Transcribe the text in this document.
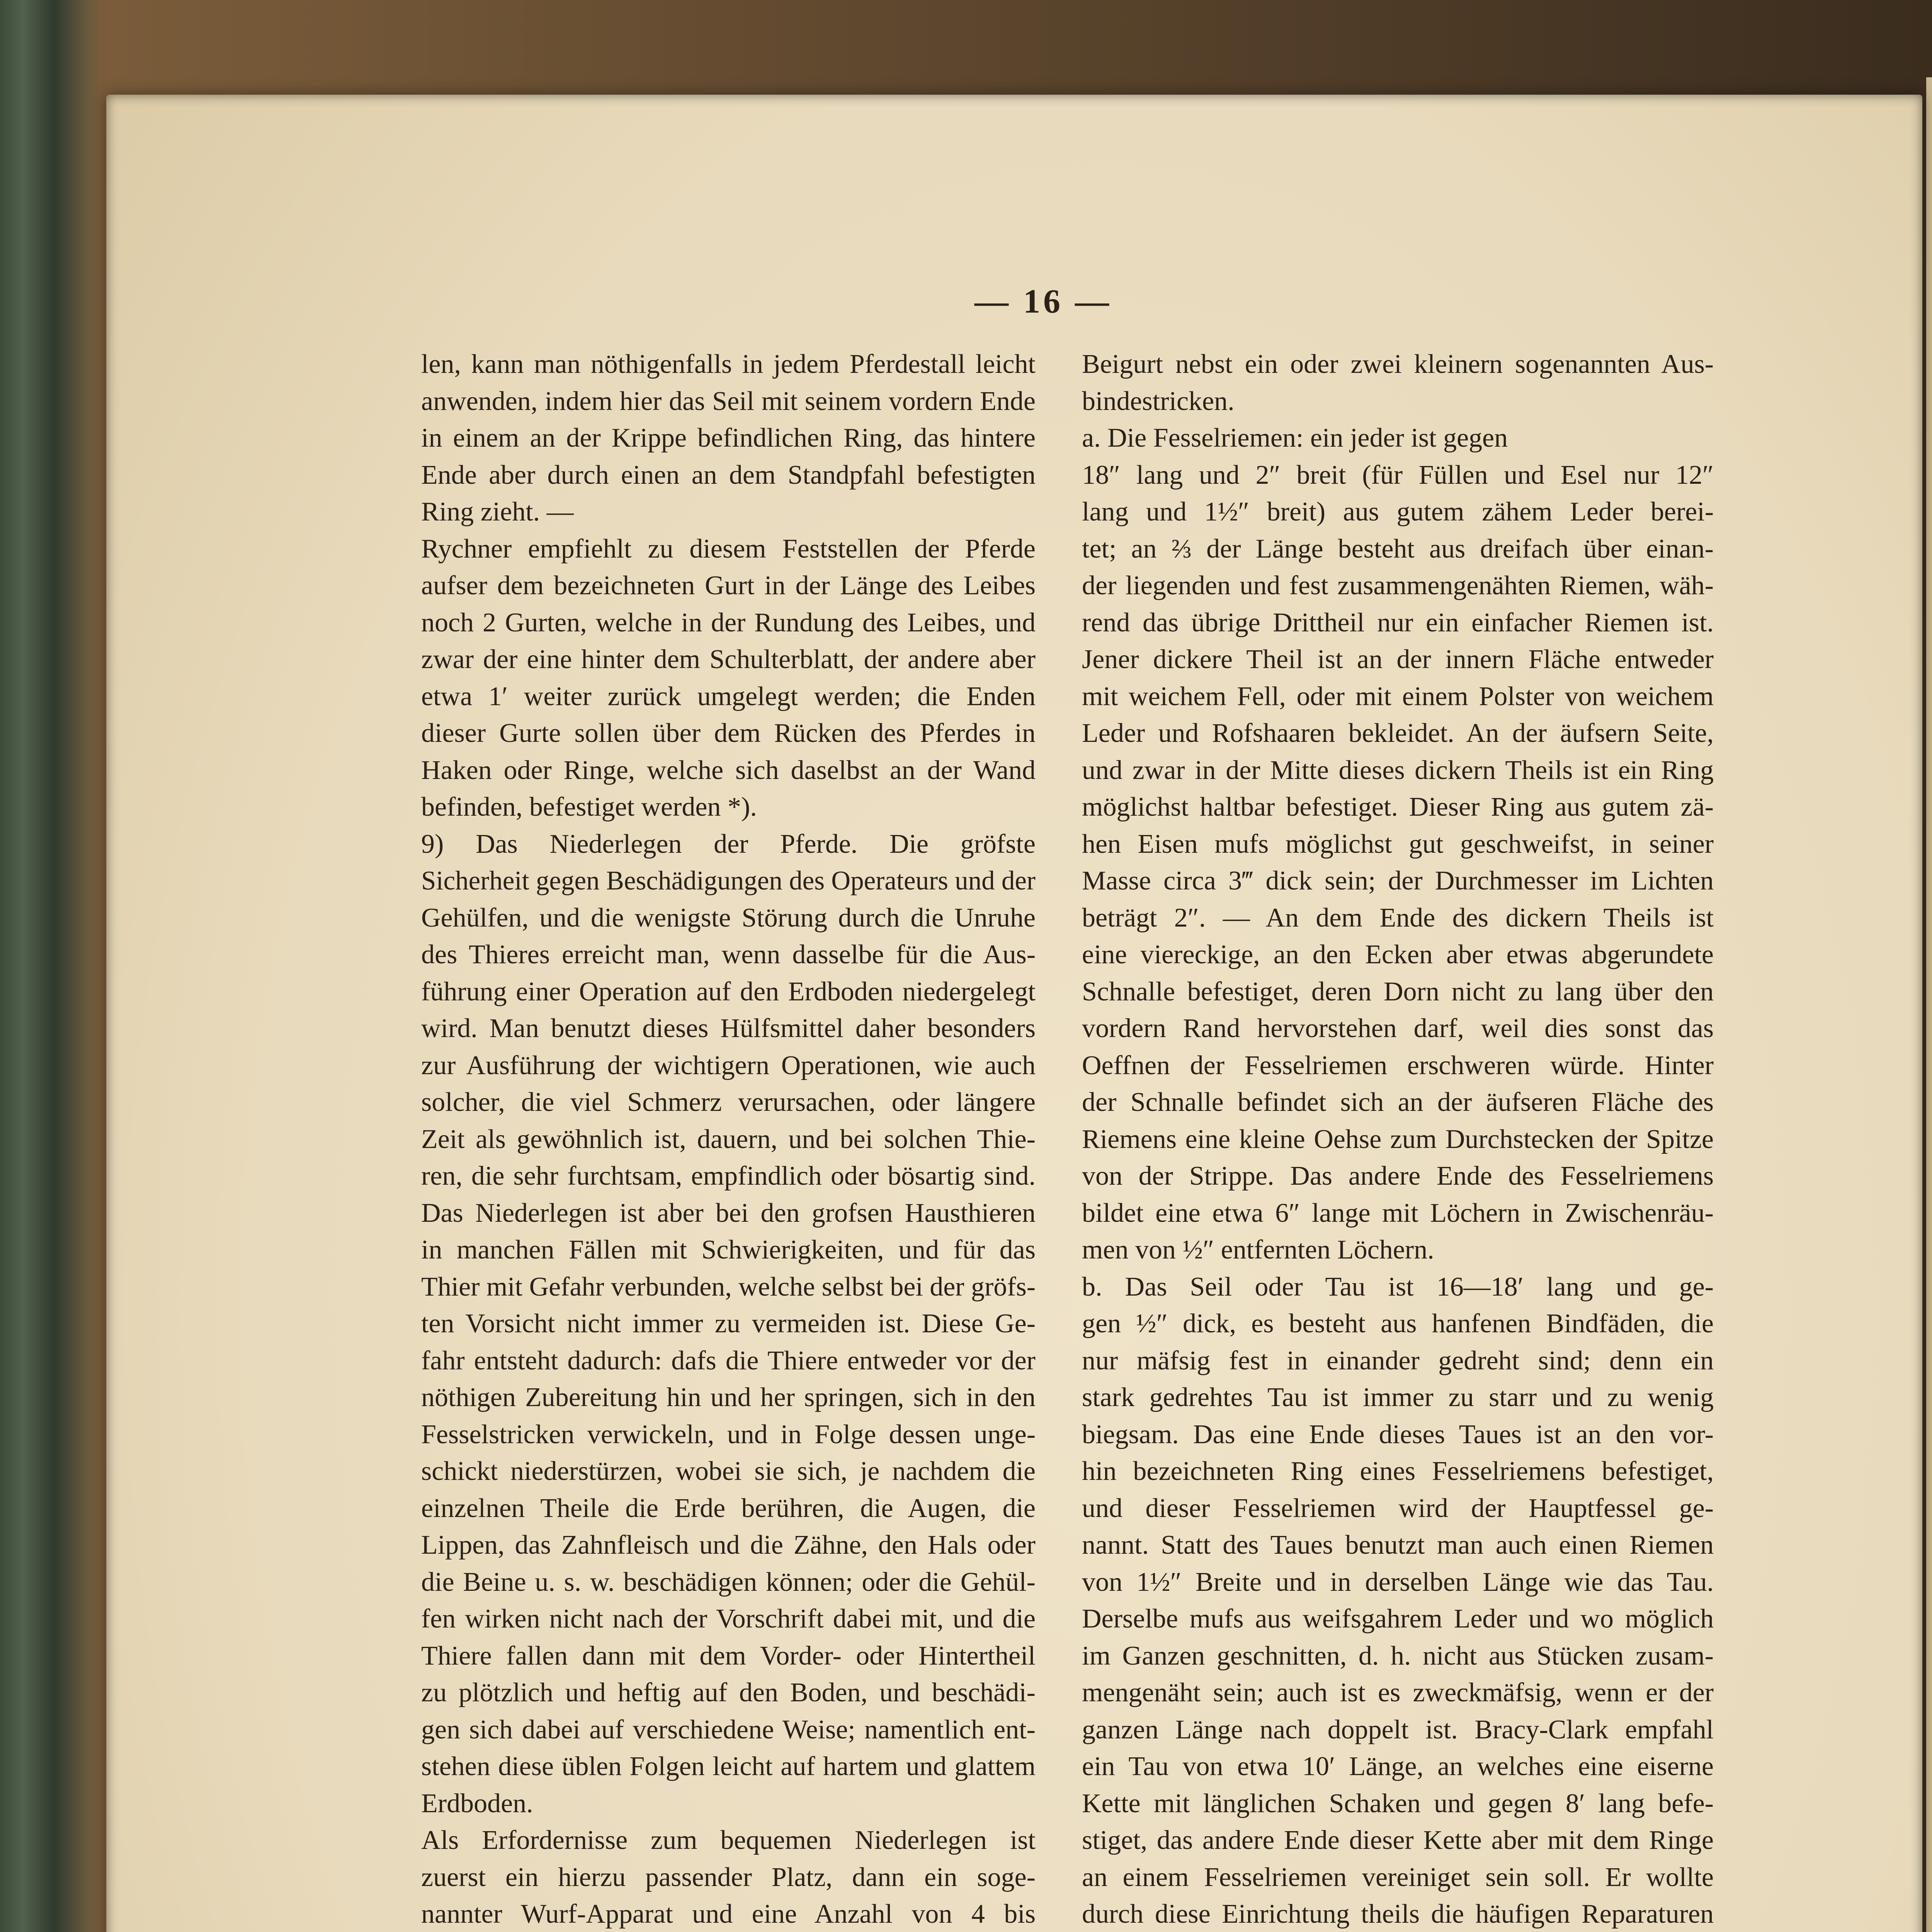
— 16 —
len, kann man nöthigenfalls in jedem Pferdestall leicht
anwenden, indem hier das Seil mit seinem vordern Ende
in einem an der Krippe befindlichen Ring, das hintere
Ende aber durch einen an dem Standpfahl befestigten
Ring zieht. —
Rychner empfiehlt zu diesem Feststellen der Pferde
aufser dem bezeichneten Gurt in der Länge des Leibes
noch 2 Gurten, welche in der Rundung des Leibes, und
zwar der eine hinter dem Schulterblatt, der andere aber
etwa 1′ weiter zurück umgelegt werden; die Enden
dieser Gurte sollen über dem Rücken des Pferdes in
Haken oder Ringe, welche sich daselbst an der Wand
befinden, befestiget werden *).
9) Das Niederlegen der Pferde. Die gröfste
Sicherheit gegen Beschädigungen des Operateurs und der
Gehülfen, und die wenigste Störung durch die Unruhe
des Thieres erreicht man, wenn dasselbe für die Aus-
führung einer Operation auf den Erdboden niedergelegt
wird. Man benutzt dieses Hülfsmittel daher besonders
zur Ausführung der wichtigern Operationen, wie auch
solcher, die viel Schmerz verursachen, oder längere
Zeit als gewöhnlich ist, dauern, und bei solchen Thie-
ren, die sehr furchtsam, empfindlich oder bösartig sind.
Das Niederlegen ist aber bei den grofsen Hausthieren
in manchen Fällen mit Schwierigkeiten, und für das
Thier mit Gefahr verbunden, welche selbst bei der gröfs-
ten Vorsicht nicht immer zu vermeiden ist. Diese Ge-
fahr entsteht dadurch: dafs die Thiere entweder vor der
nöthigen Zubereitung hin und her springen, sich in den
Fesselstricken verwickeln, und in Folge dessen unge-
schickt niederstürzen, wobei sie sich, je nachdem die
einzelnen Theile die Erde berühren, die Augen, die
Lippen, das Zahnfleisch und die Zähne, den Hals oder
die Beine u. s. w. beschädigen können; oder die Gehül-
fen wirken nicht nach der Vorschrift dabei mit, und die
Thiere fallen dann mit dem Vorder- oder Hintertheil
zu plötzlich und heftig auf den Boden, und beschädi-
gen sich dabei auf verschiedene Weise; namentlich ent-
stehen diese üblen Folgen leicht auf hartem und glattem
Erdboden.
Als Erfordernisse zum bequemen Niederlegen ist
zuerst ein hierzu passender Platz, dann ein soge-
nannter Wurf-Apparat und eine Anzahl von 4 bis
Beigurt nebst ein oder zwei kleinern sogenannten Aus-
bindestricken.
a. Die Fesselriemen: ein jeder ist gegen
18″ lang und 2″ breit (für Füllen und Esel nur 12″
lang und 1½″ breit) aus gutem zähem Leder berei-
tet; an ⅔ der Länge besteht aus dreifach über einan-
der liegenden und fest zusammengenähten Riemen, wäh-
rend das übrige Drittheil nur ein einfacher Riemen ist.
Jener dickere Theil ist an der innern Fläche entweder
mit weichem Fell, oder mit einem Polster von weichem
Leder und Rofshaaren bekleidet. An der äufsern Seite,
und zwar in der Mitte dieses dickern Theils ist ein Ring
möglichst haltbar befestiget. Dieser Ring aus gutem zä-
hen Eisen mufs möglichst gut geschweifst, in seiner
Masse circa 3‴ dick sein; der Durchmesser im Lichten
beträgt 2″. — An dem Ende des dickern Theils ist
eine viereckige, an den Ecken aber etwas abgerundete
Schnalle befestiget, deren Dorn nicht zu lang über den
vordern Rand hervorstehen darf, weil dies sonst das
Oeffnen der Fesselriemen erschweren würde. Hinter
der Schnalle befindet sich an der äufseren Fläche des
Riemens eine kleine Oehse zum Durchstecken der Spitze
von der Strippe. Das andere Ende des Fesselriemens
bildet eine etwa 6″ lange mit Löchern in Zwischenräu-
men von ½″ entfernten Löchern.
b. Das Seil oder Tau ist 16—18′ lang und ge-
gen ½″ dick, es besteht aus hanfenen Bindfäden, die
nur mäfsig fest in einander gedreht sind; denn ein
stark gedrehtes Tau ist immer zu starr und zu wenig
biegsam. Das eine Ende dieses Taues ist an den vor-
hin bezeichneten Ring eines Fesselriemens befestiget,
und dieser Fesselriemen wird der Hauptfessel ge-
nannt. Statt des Taues benutzt man auch einen Riemen
von 1½″ Breite und in derselben Länge wie das Tau.
Derselbe mufs aus weifsgahrem Leder und wo möglich
im Ganzen geschnitten, d. h. nicht aus Stücken zusam-
mengenäht sein; auch ist es zweckmäfsig, wenn er der
ganzen Länge nach doppelt ist. Bracy-Clark empfahl
ein Tau von etwa 10′ Länge, an welches eine eiserne
Kette mit länglichen Schaken und gegen 8′ lang befe-
stiget, das andere Ende dieser Kette aber mit dem Ringe
an einem Fesselriemen vereiniget sein soll. Er wollte
durch diese Einrichtung theils die häufigen Reparaturen
